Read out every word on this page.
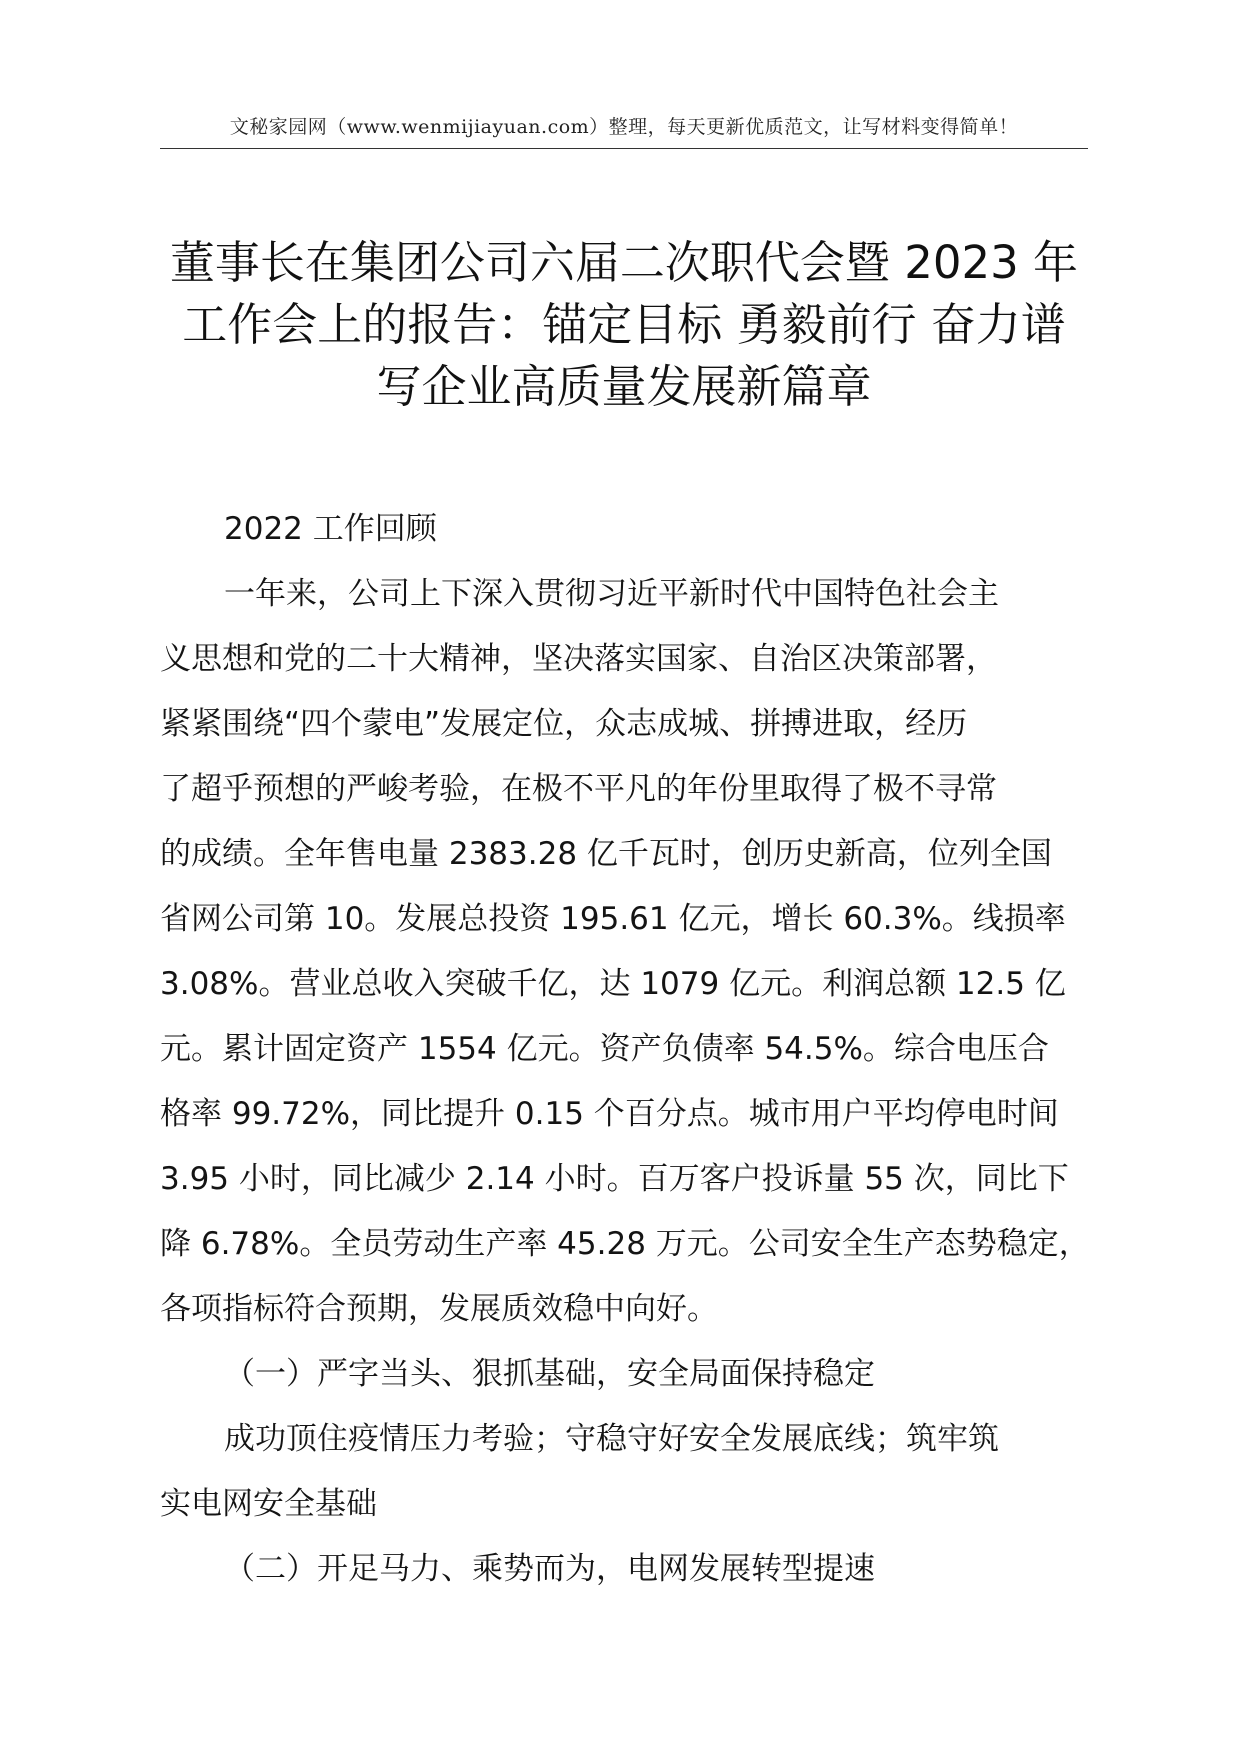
文秘家园网（www.wenmijiayuan.com）整理，每天更新优质范文，让写材料变得简单！
董事长在集团公司六届二次职代会暨 2023 年
工作会上的报告：锚定目标 勇毅前行 奋力谱
写企业高质量发展新篇章

2022 工作回顾

一年来，公司上下深入贯彻习近平新时代中国特色社会主

义思想和党的二十大精神，坚决落实国家、自治区决策部署，

紧紧围绕“四个蒙电”发展定位，众志成城、拼搏进取，经历

了超乎预想的严峻考验，在极不平凡的年份里取得了极不寻常

的成绩。全年售电量 2383.28 亿千瓦时，创历史新高，位列全国

省网公司第 10。发展总投资 195.61 亿元，增长 60.3%。线损率

3.08%。营业总收入突破千亿，达 1079 亿元。利润总额 12.5 亿

元。累计固定资产 1554 亿元。资产负债率 54.5%。综合电压合

格率 99.72%，同比提升 0.15 个百分点。城市用户平均停电时间

3.95 小时，同比减少 2.14 小时。百万客户投诉量 55 次，同比下

降 6.78%。全员劳动生产率 45.28 万元。公司安全生产态势稳定，

各项指标符合预期，发展质效稳中向好。

（一）严字当头、狠抓基础，安全局面保持稳定

成功顶住疫情压力考验；守稳守好安全发展底线；筑牢筑

实电网安全基础

（二）开足马力、乘势而为，电网发展转型提速
